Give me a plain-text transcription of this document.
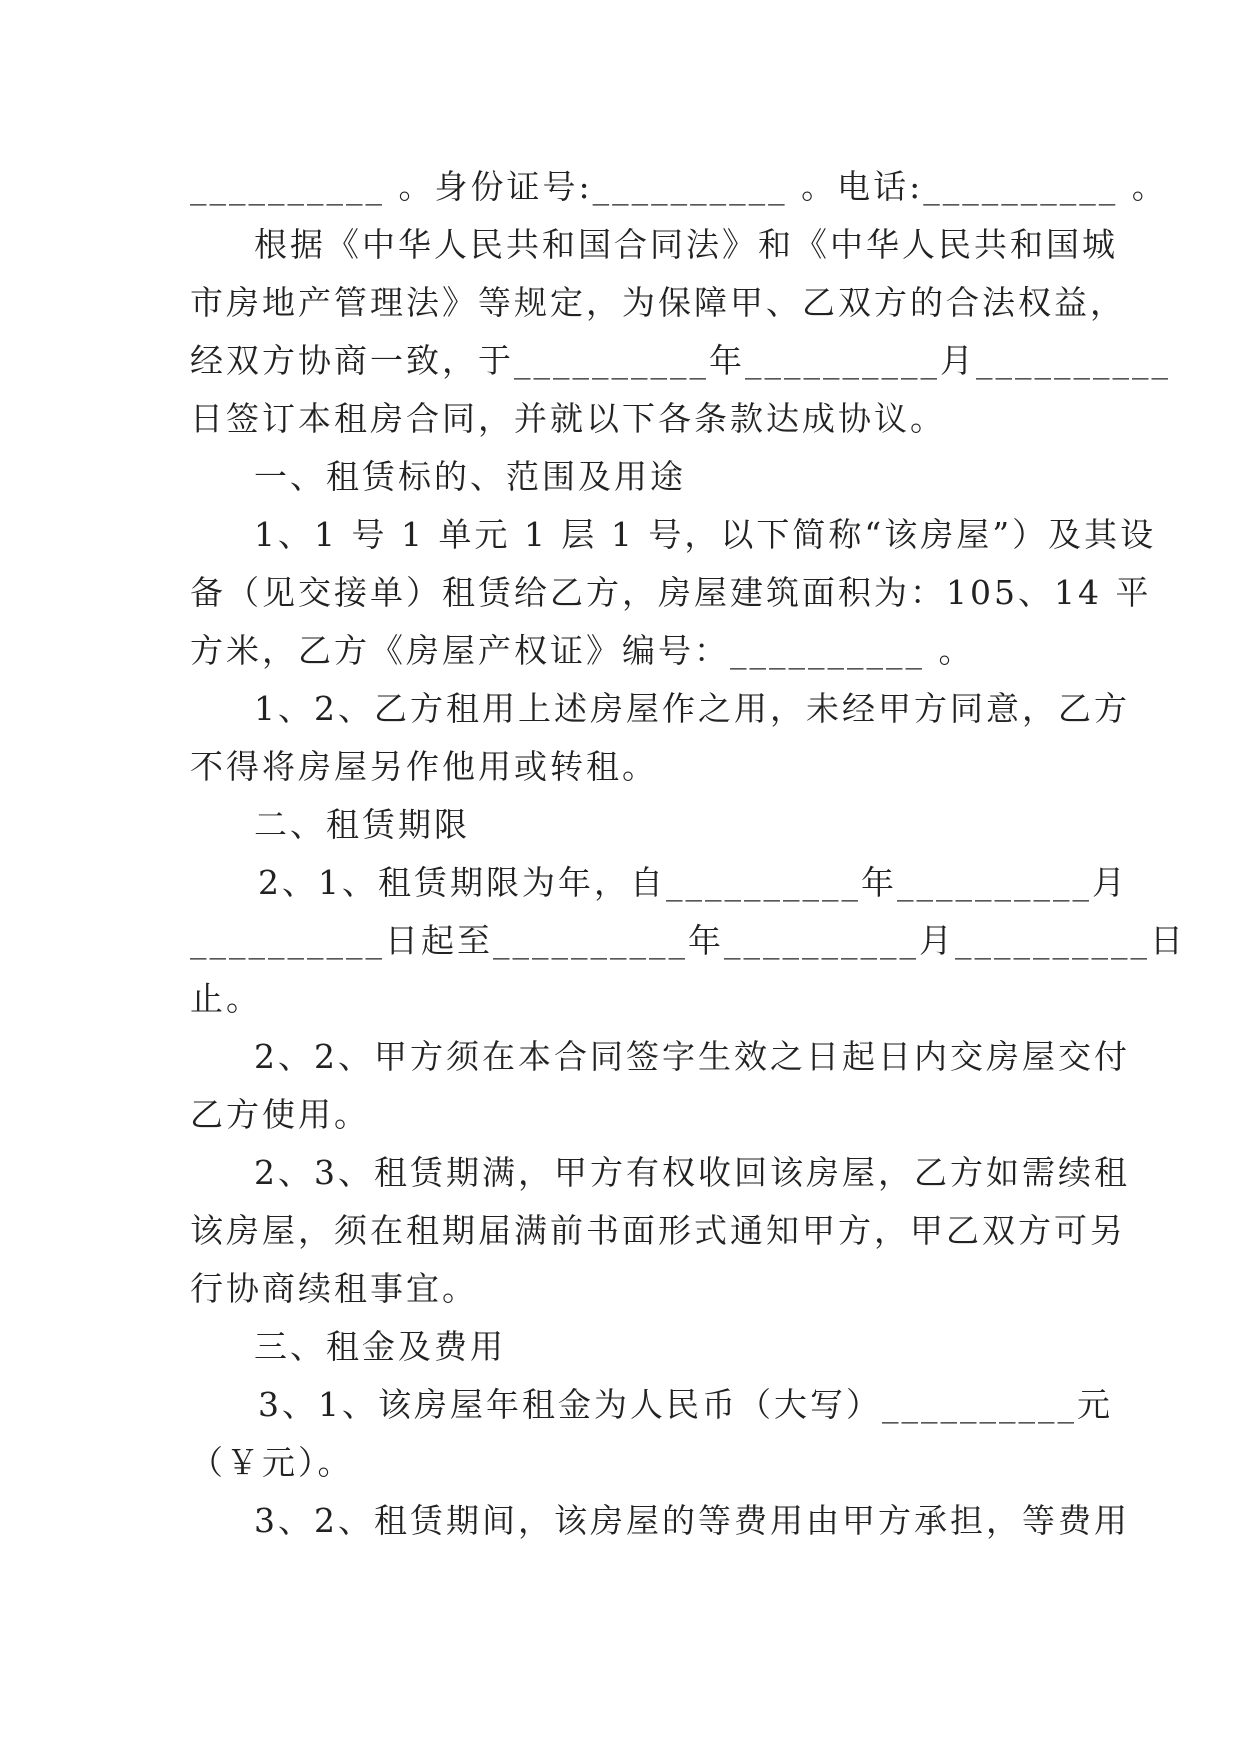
__________ 。身份证号:__________ 。电话:__________ 。
根据《中华人民共和国合同法》和《中华人民共和国城
市房地产管理法》等规定，为保障甲、乙双方的合法权益，
经双方协商一致，于__________年__________月__________
日签订本租房合同，并就以下各条款达成协议。
一、租赁标的、范围及用途
1、1 号 1 单元 1 层 1 号，以下简称“该房屋”）及其设
备（见交接单）租赁给乙方，房屋建筑面积为：105、14 平
方米，乙方《房屋产权证》编号：__________ 。
1、2、乙方租用上述房屋作之用，未经甲方同意，乙方
不得将房屋另作他用或转租。
二、租赁期限
2、1、租赁期限为年，自__________年__________月
__________日起至__________年__________月__________日
止。
2、2、甲方须在本合同签字生效之日起日内交房屋交付
乙方使用。
2、3、租赁期满，甲方有权收回该房屋，乙方如需续租
该房屋，须在租期届满前书面形式通知甲方，甲乙双方可另
行协商续租事宜。
三、租金及费用
3、1、该房屋年租金为人民币（大写）__________元
（￥元）。
3、2、租赁期间，该房屋的等费用由甲方承担，等费用
